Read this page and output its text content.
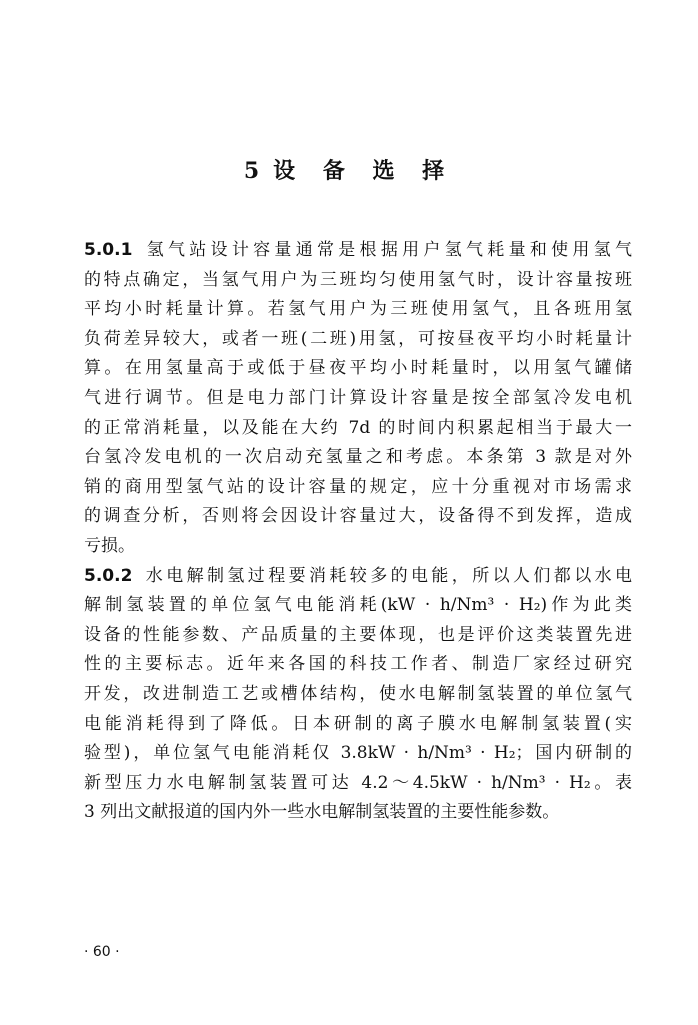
5 设 备 选 择
5.0.1 氢气站设计容量通常是根据用户氢气耗量和使用氢气
的特点确定，当氢气用户为三班均匀使用氢气时，设计容量按班
平均小时耗量计算。若氢气用户为三班使用氢气，且各班用氢
负荷差异较大，或者一班(二班)用氢，可按昼夜平均小时耗量计
算。在用氢量高于或低于昼夜平均小时耗量时，以用氢气罐储
气进行调节。但是电力部门计算设计容量是按全部氢冷发电机
的正常消耗量，以及能在大约 7d 的时间内积累起相当于最大一
台氢冷发电机的一次启动充氢量之和考虑。本条第 3 款是对外
销的商用型氢气站的设计容量的规定，应十分重视对市场需求
的调查分析，否则将会因设计容量过大，设备得不到发挥，造成
亏损。
5.0.2 水电解制氢过程要消耗较多的电能，所以人们都以水电
解制氢装置的单位氢气电能消耗(kW · h/Nm³ · H₂)作为此类
设备的性能参数、产品质量的主要体现，也是评价这类装置先进
性的主要标志。近年来各国的科技工作者、制造厂家经过研究
开发，改进制造工艺或槽体结构，使水电解制氢装置的单位氢气
电能消耗得到了降低。日本研制的离子膜水电解制氢装置(实
验型)，单位氢气电能消耗仅 3.8kW · h/Nm³ · H₂；国内研制的
新型压力水电解制氢装置可达 4.2～4.5kW · h/Nm³ · H₂。表
3 列出文献报道的国内外一些水电解制氢装置的主要性能参数。
· 60 ·
